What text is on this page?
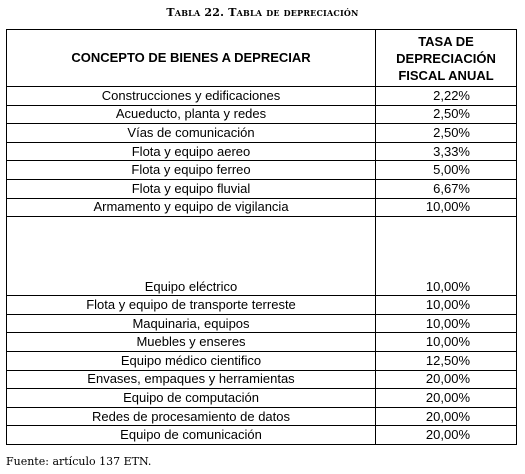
Tabla 22. Tabla de depreciación
CONCEPTO DE BIENES A DEPRECIAR	TASA DE
DEPRECIACIÓN
FISCAL ANUAL

Construcciones y edificaciones	2,22%
Acueducto, planta y redes	2,50%
Vías de comunicación	2,50%
Flota y equipo aereo	3,33%
Flota y equipo ferreo	5,00%
Flota y equipo fluvial	6,67%
Armamento y equipo de vigilancia	10,00%
Equipo eléctrico	10,00%
Flota y equipo de transporte terreste	10,00%
Maquinaria, equipos	10,00%
Muebles y enseres	10,00%
Equipo médico cientifico	12,50%
Envases, empaques y herramientas	20,00%
Equipo de computación	20,00%
Redes de procesamiento de datos	20,00%
Equipo de comunicación	20,00%
Fuente: artículo 137 ETN.
